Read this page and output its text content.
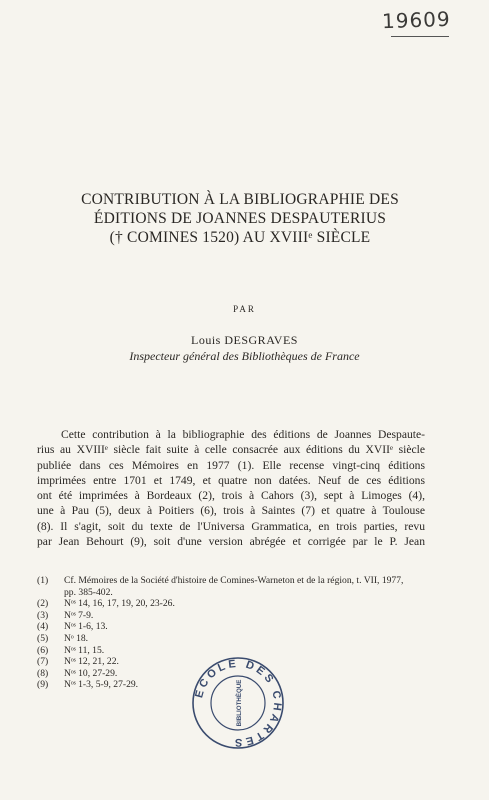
19609
CONTRIBUTION À LA BIBLIOGRAPHIE DES
ÉDITIONS DE JOANNES DESPAUTERIUS
(† COMINES 1520) AU XVIIIᵉ SIÈCLE
PAR
Louis DESGRAVES
Inspecteur général des Bibliothèques de France
Cette contribution à la bibliographie des éditions de Joannes Despaute-
rius au XVIIIᵉ siècle fait suite à celle consacrée aux éditions du XVIIᵉ siècle
publiée dans ces Mémoires en 1977 (1). Elle recense vingt-cinq éditions
imprimées entre 1701 et 1749, et quatre non datées. Neuf de ces éditions
ont été imprimées à Bordeaux (2), trois à Cahors (3), sept à Limoges (4),
une à Pau (5), deux à Poitiers (6), trois à Saintes (7) et quatre à Toulouse
(8). Il s'agit, soit du texte de l'Universa Grammatica, en trois parties, revu
par Jean Behourt (9), soit d'une version abrégée et corrigée par le P. Jean
(1) Cf. Mémoires de la Société d'histoire de Comines-Warneton et de la région, t. VII, 1977,
pp. 385-402.
(2) Nᵒˢ 14, 16, 17, 19, 20, 23-26.
(3) Nᵒˢ 7-9.
(4) Nᵒˢ 1-6, 13.
(5) Nᵒ 18.
(6) Nᵒˢ 11, 15.
(7) Nᵒˢ 12, 21, 22.
(8) Nᵒˢ 10, 27-29.
(9) Nᵒˢ 1-3, 5-9, 27-29.
ECOLE DES CHARTES
BIBLIOTHÈQUE
